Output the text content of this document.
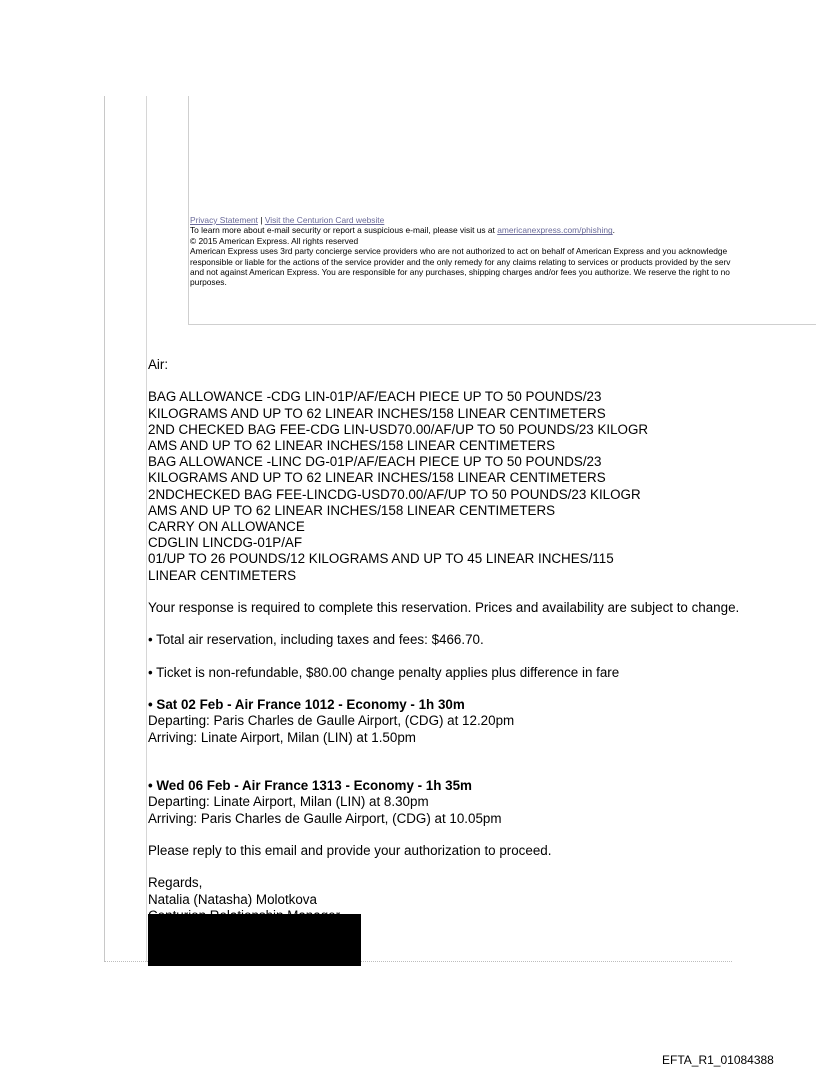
Privacy Statement | Visit the Centurion Card website
To learn more about e-mail security or report a suspicious e-mail, please visit us at americanexpress.com/phishing.
© 2015 American Express. All rights reserved
American Express uses 3rd party concierge service providers who are not authorized to act on behalf of American Express and you acknowledge
responsible or liable for the actions of the service provider and the only remedy for any claims relating to services or products provided by the serv
and not against American Express. You are responsible for any purchases, shipping charges and/or fees you authorize. We reserve the right to no
purposes.
Air:
BAG ALLOWANCE -CDG LIN-01P/AF/EACH PIECE UP TO 50 POUNDS/23
KILOGRAMS AND UP TO 62 LINEAR INCHES/158 LINEAR CENTIMETERS
2ND CHECKED BAG FEE-CDG LIN-USD70.00/AF/UP TO 50 POUNDS/23 KILOGR
AMS AND UP TO 62 LINEAR INCHES/158 LINEAR CENTIMETERS
BAG ALLOWANCE -LINC DG-01P/AF/EACH PIECE UP TO 50 POUNDS/23
KILOGRAMS AND UP TO 62 LINEAR INCHES/158 LINEAR CENTIMETERS
2NDCHECKED BAG FEE-LINCDG-USD70.00/AF/UP TO 50 POUNDS/23 KILOGR
AMS AND UP TO 62 LINEAR INCHES/158 LINEAR CENTIMETERS
CARRY ON ALLOWANCE
CDGLIN LINCDG-01P/AF
01/UP TO 26 POUNDS/12 KILOGRAMS AND UP TO 45 LINEAR INCHES/115
LINEAR CENTIMETERS
Your response is required to complete this reservation. Prices and availability are subject to change.
• Total air reservation, including taxes and fees: $466.70.
• Ticket is non-refundable, $80.00 change penalty applies plus difference in fare
• Sat 02 Feb - Air France 1012 - Economy - 1h 30m
Departing: Paris Charles de Gaulle Airport, (CDG) at 12.20pm
Arriving: Linate Airport, Milan (LIN) at 1.50pm
• Wed 06 Feb - Air France 1313 - Economy - 1h 35m
Departing: Linate Airport, Milan (LIN) at 8.30pm
Arriving: Paris Charles de Gaulle Airport, (CDG) at 10.05pm
Please reply to this email and provide your authorization to proceed.
Regards,
Natalia (Natasha) Molotkova
EFTA_R1_01084388
